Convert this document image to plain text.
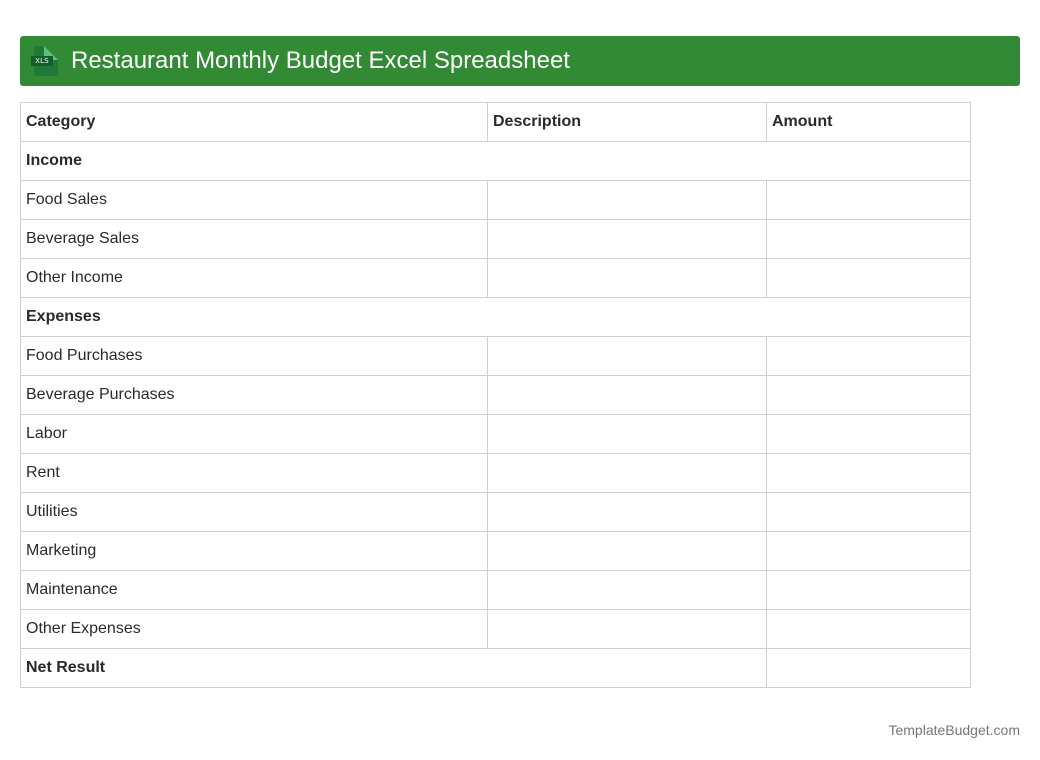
XLS Restaurant Monthly Budget Excel Spreadsheet
Category	Description	Amount
Income		
Food Sales		
Beverage Sales		
Other Income		
Expenses		
Food Purchases		
Beverage Purchases		
Labor		
Rent		
Utilities		
Marketing		
Maintenance		
Other Expenses		
Net Result		
TemplateBudget.com
